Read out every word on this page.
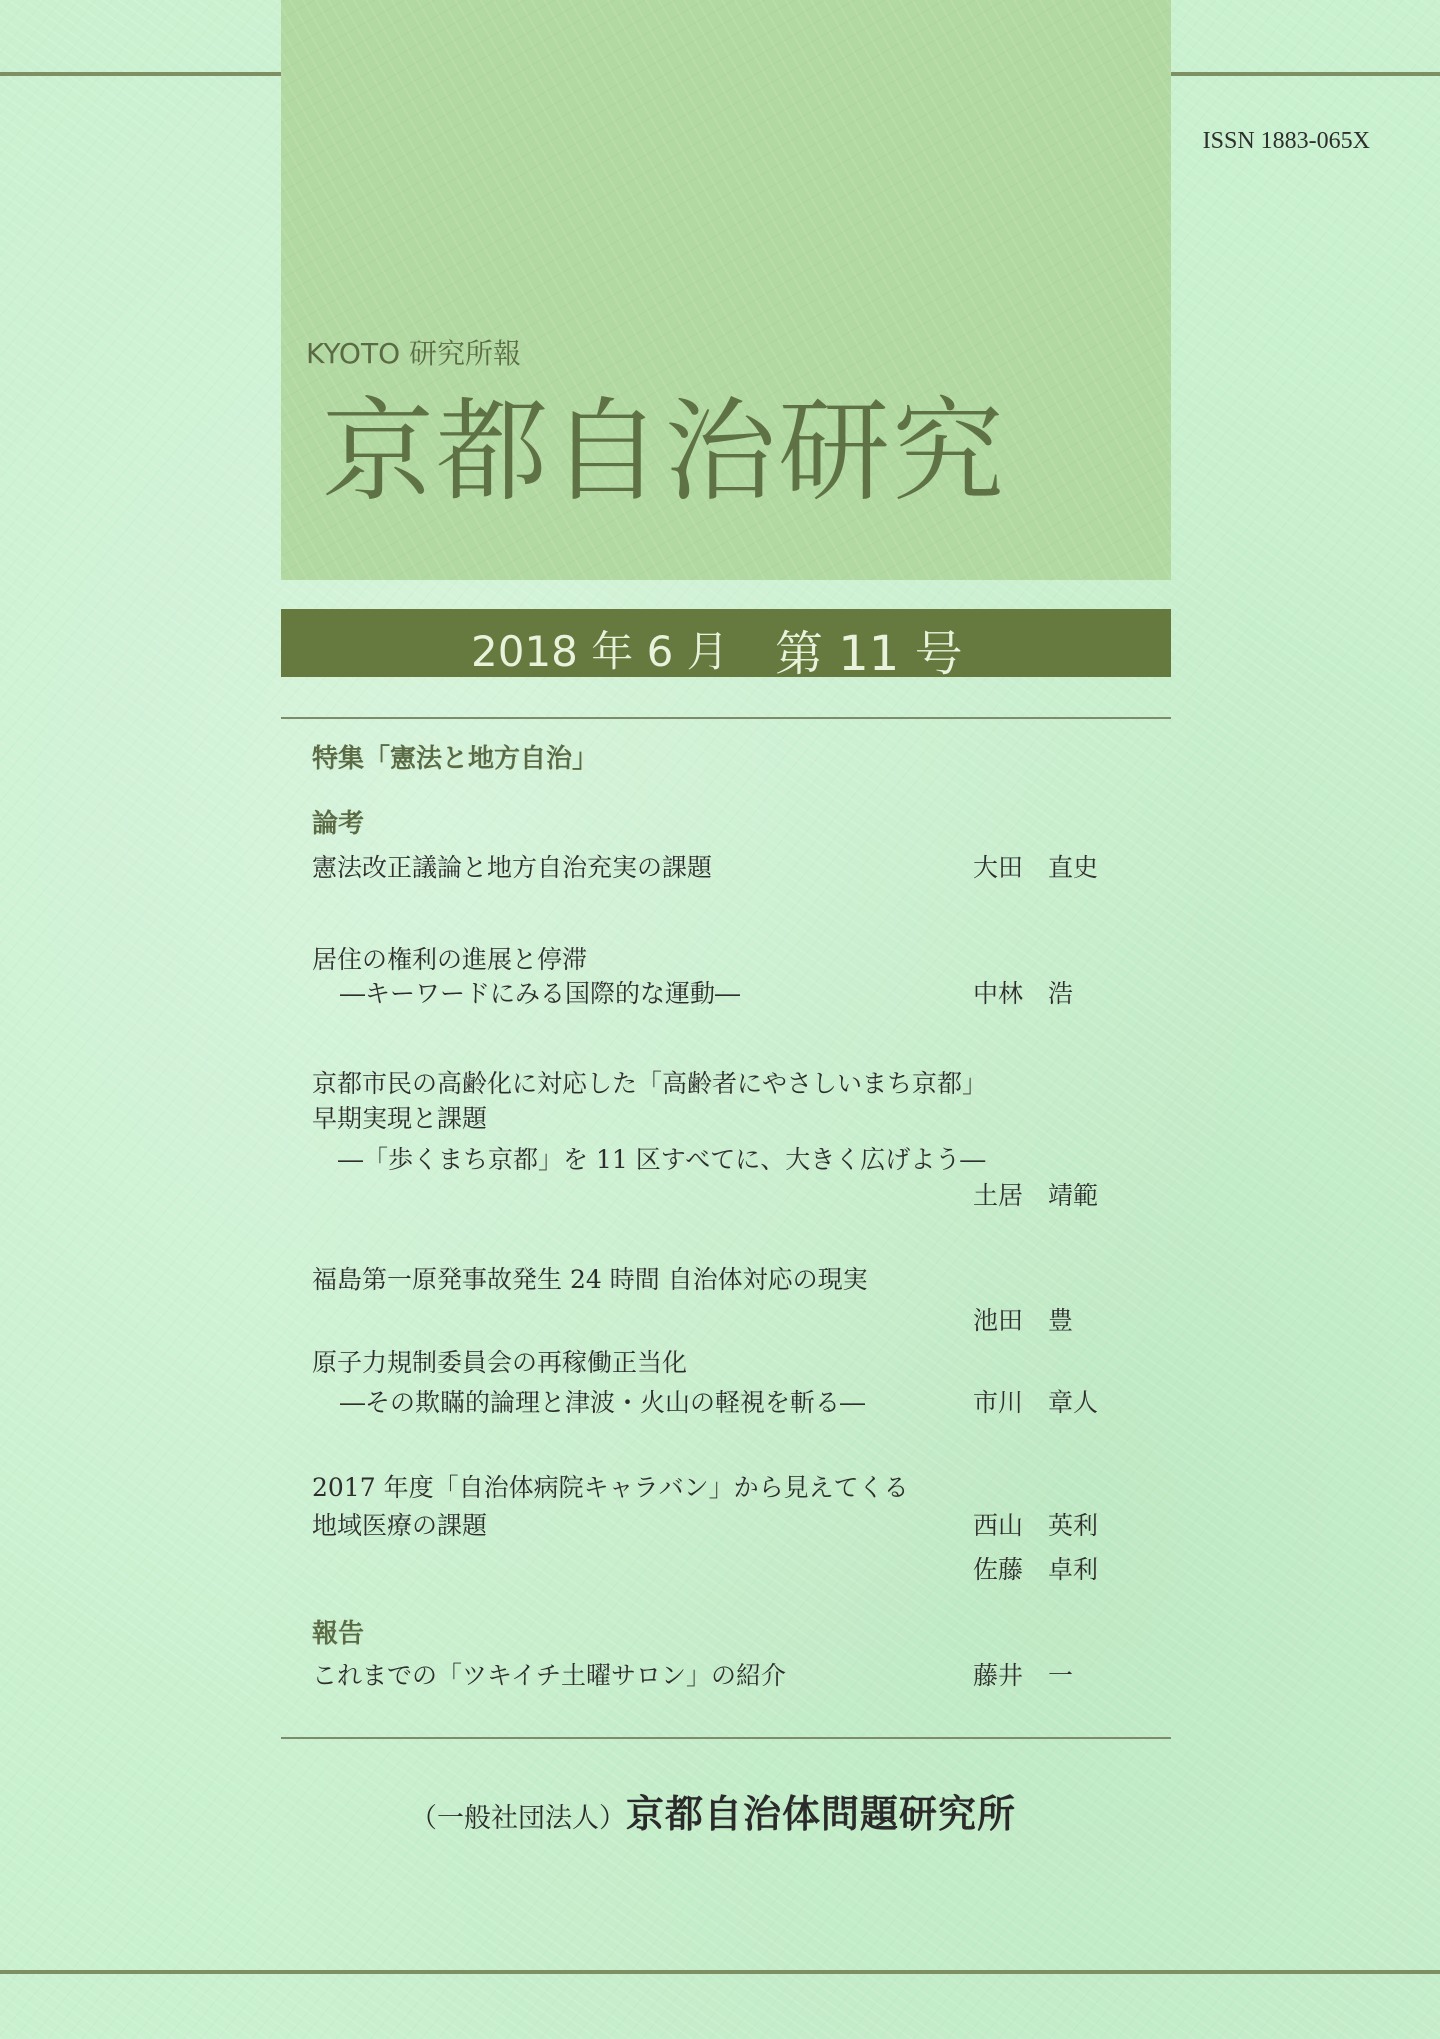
ISSN 1883-065X
KYOTO 研究所報
京都自治研究
2018 年 6 月 第 11 号
特集「憲法と地方自治」
論考
憲法改正議論と地方自治充実の課題	大田　直史
居住の権利の進展と停滞
―キーワードにみる国際的な運動―	中林　浩
京都市民の高齢化に対応した「高齢者にやさしいまち京都」
早期実現と課題
―「歩くまち京都」を 11 区すべてに、大きく広げよう―
土居　靖範
福島第一原発事故発生 24 時間 自治体対応の現実
池田　豊
原子力規制委員会の再稼働正当化
―その欺瞞的論理と津波・火山の軽視を斬る―	市川　章人
2017 年度「自治体病院キャラバン」から見えてくる
地域医療の課題	西山　英利
佐藤　卓利
報告
これまでの「ツキイチ土曜サロン」の紹介	藤井　一
（一般社団法人）京都自治体問題研究所
